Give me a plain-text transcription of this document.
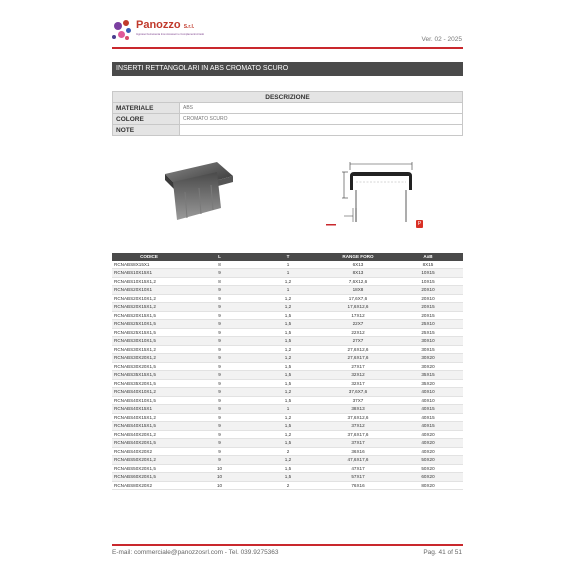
Panozzo S.r.l.
Ingrosso Ferramenta Inox Accessori e Complementi Arredo
Ver. 02 - 2025
INSERTI RETTANGOLARI IN ABS CROMATO SCURO
DESCRIZIONE	
MATERIALE	ABS
COLORE	CROMATO SCURO
NOTE	
P
CODICE	L	T	RANGE FORO	AxB
RCNABS8X15X1	8	1	6X13	8X15
RCNABS10X15X1	9	1	8X13	10X15
RCNABS10X15X1,2	8	1,2	7,6X12,6	10X15
RCNABS20X10X1	9	1	18X8	20X10
RCNABS20X10X1,2	9	1,2	17,6X7,6	20X10
RCNABS20X15X1,2	9	1,2	17,6X12,6	20X15
RCNABS20X15X1,5	9	1,5	17X12	20X15
RCNABS25X10X1,5	9	1,5	22X7	25X10
RCNABS25X15X1,5	9	1,5	22X12	25X15
RCNABS30X10X1,5	9	1,5	27X7	30X10
RCNABS30X15X1,2	9	1,2	27,6X12,6	30X15
RCNABS30X20X1,2	9	1,2	27,6X17,6	30X20
RCNABS30X20X1,5	9	1,5	27X17	30X20
RCNABS35X15X1,5	9	1,5	32X12	35X15
RCNABS35X20X1,5	9	1,5	32X17	35X20
RCNABS40X10X1,2	9	1,2	37,6X7,6	40X10
RCNABS40X10X1,5	9	1,5	37X7	40X10
RCNABS40X15X1	9	1	38X13	40X15
RCNABS40X15X1,2	9	1,2	37,6X12,6	40X15
RCNABS40X15X1,5	9	1,5	37X12	40X15
RCNABS40X20X1,2	9	1,2	37,6X17,6	40X20
RCNABS40X20X1,5	9	1,5	37X17	40X20
RCNABS40X20X2	9	2	36X16	40X20
RCNABS50X20X1,2	9	1,2	47,6X17,6	50X20
RCNABS50X20X1,5	10	1,5	47X17	50X20
RCNABS60X20X1,5	10	1,5	57X17	60X20
RCNABS80X20X2	10	2	76X16	80X20
E-mail: commerciale@panozzosrl.com - Tel. 039.9275363	Pag. 41 of 51
